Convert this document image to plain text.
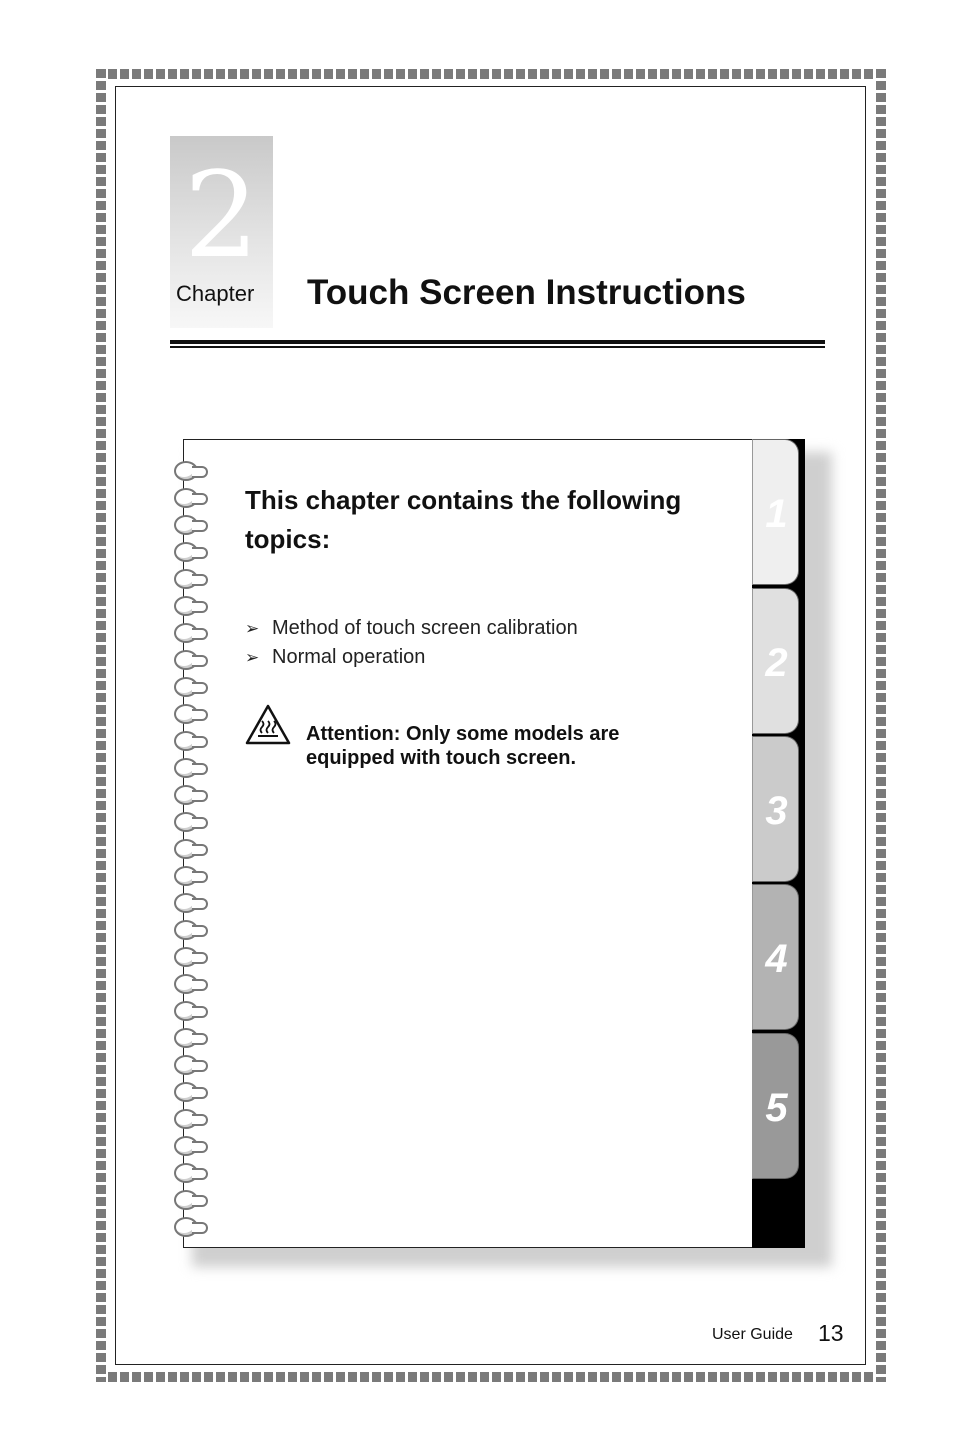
2
Chapter Touch Screen Instructions
1
2
3
4
5
This chapter contains the following topics:
➢ Method of touch screen calibration
➢ Normal operation
Attention: Only some models are equipped with touch screen.
User Guide 13
